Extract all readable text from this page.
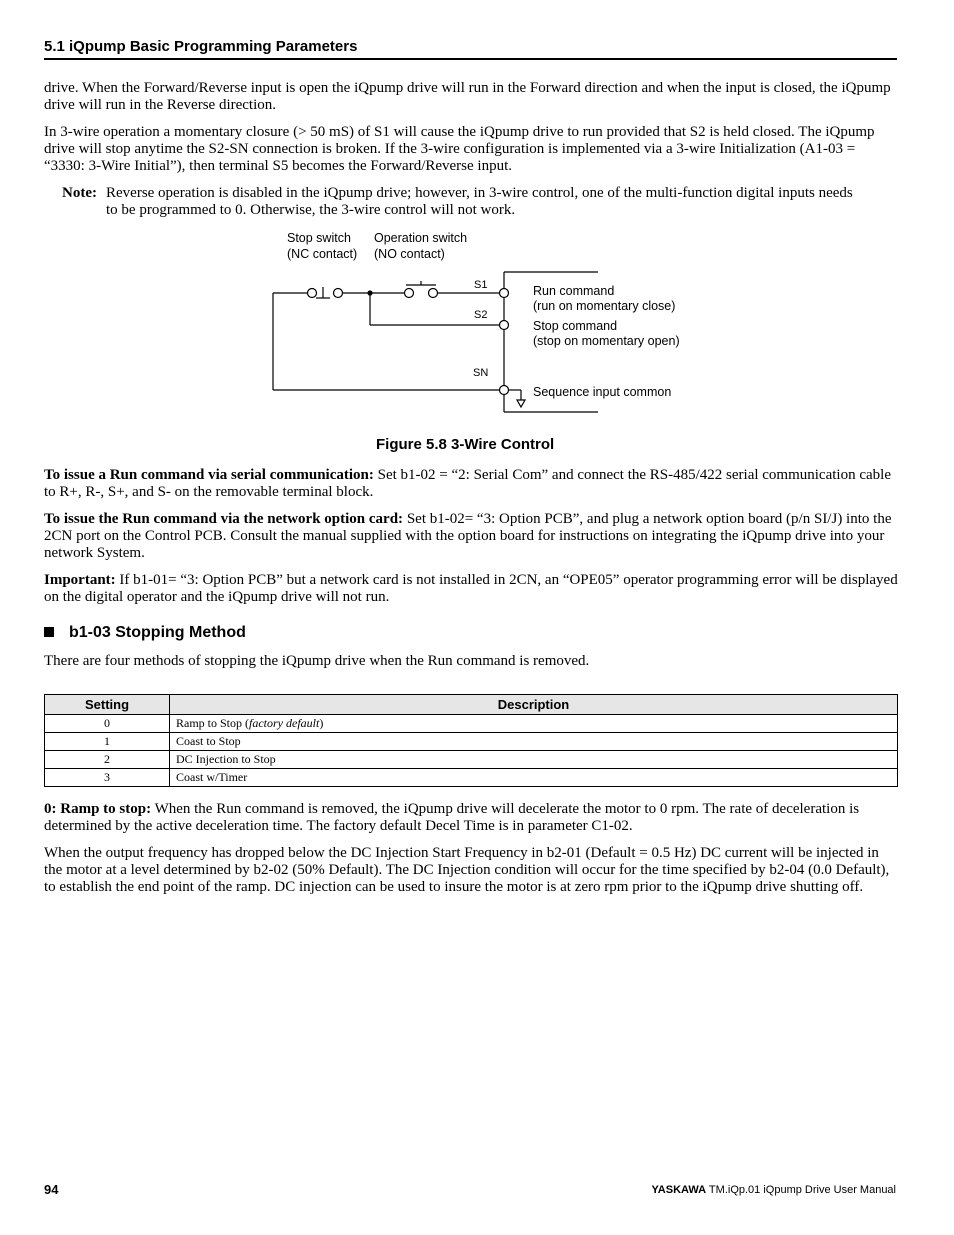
5.1 iQpump Basic Programming Parameters
drive. When the Forward/Reverse input is open the iQpump drive will run in the Forward direction and when the input is closed, the iQpump drive will run in the Reverse direction.
In 3-wire operation a momentary closure (> 50 mS) of S1 will cause the iQpump drive to run provided that S2 is held closed. The iQpump drive will stop anytime the S2-SN connection is broken. If the 3-wire configuration is implemented via a 3-wire Initialization (A1-03 = “3330: 3-Wire Initial”), then terminal S5 becomes the Forward/Reverse input.
Note: Reverse operation is disabled in the iQpump drive; however, in 3-wire control, one of the multi-function digital inputs needs to be programmed to 0. Otherwise, the 3-wire control will not work.
Stop switch
(NC contact)
Operation switch
(NO contact)
S1
S2
SN
Run command
(run on momentary close)
Stop command
(stop on momentary open)
Sequence input common
Figure 5.8 3-Wire Control
To issue a Run command via serial communication: Set b1-02 = “2: Serial Com” and connect the RS-485/422 serial communication cable to R+, R-, S+, and S- on the removable terminal block.
To issue the Run command via the network option card: Set b1-02= “3: Option PCB”, and plug a network option board (p/n SI/J) into the 2CN port on the Control PCB. Consult the manual supplied with the option board for instructions on integrating the iQpump drive into your network System.
Important: If b1-01= “3: Option PCB” but a network card is not installed in 2CN, an “OPE05” operator programming error will be displayed on the digital operator and the iQpump drive will not run.
b1-03 Stopping Method
There are four methods of stopping the iQpump drive when the Run command is removed.
Setting	Description
0	Ramp to Stop (factory default)
1	Coast to Stop
2	DC Injection to Stop
3	Coast w/Timer
0: Ramp to stop: When the Run command is removed, the iQpump drive will decelerate the motor to 0 rpm. The rate of deceleration is determined by the active deceleration time. The factory default Decel Time is in parameter C1-02.
When the output frequency has dropped below the DC Injection Start Frequency in b2-01 (Default = 0.5 Hz) DC current will be injected in the motor at a level determined by b2-02 (50% Default). The DC Injection condition will occur for the time specified by b2-04 (0.0 Default), to establish the end point of the ramp. DC injection can be used to insure the motor is at zero rpm prior to the iQpump drive shutting off.
94	YASKAWA TM.iQp.01 iQpump Drive User Manual
